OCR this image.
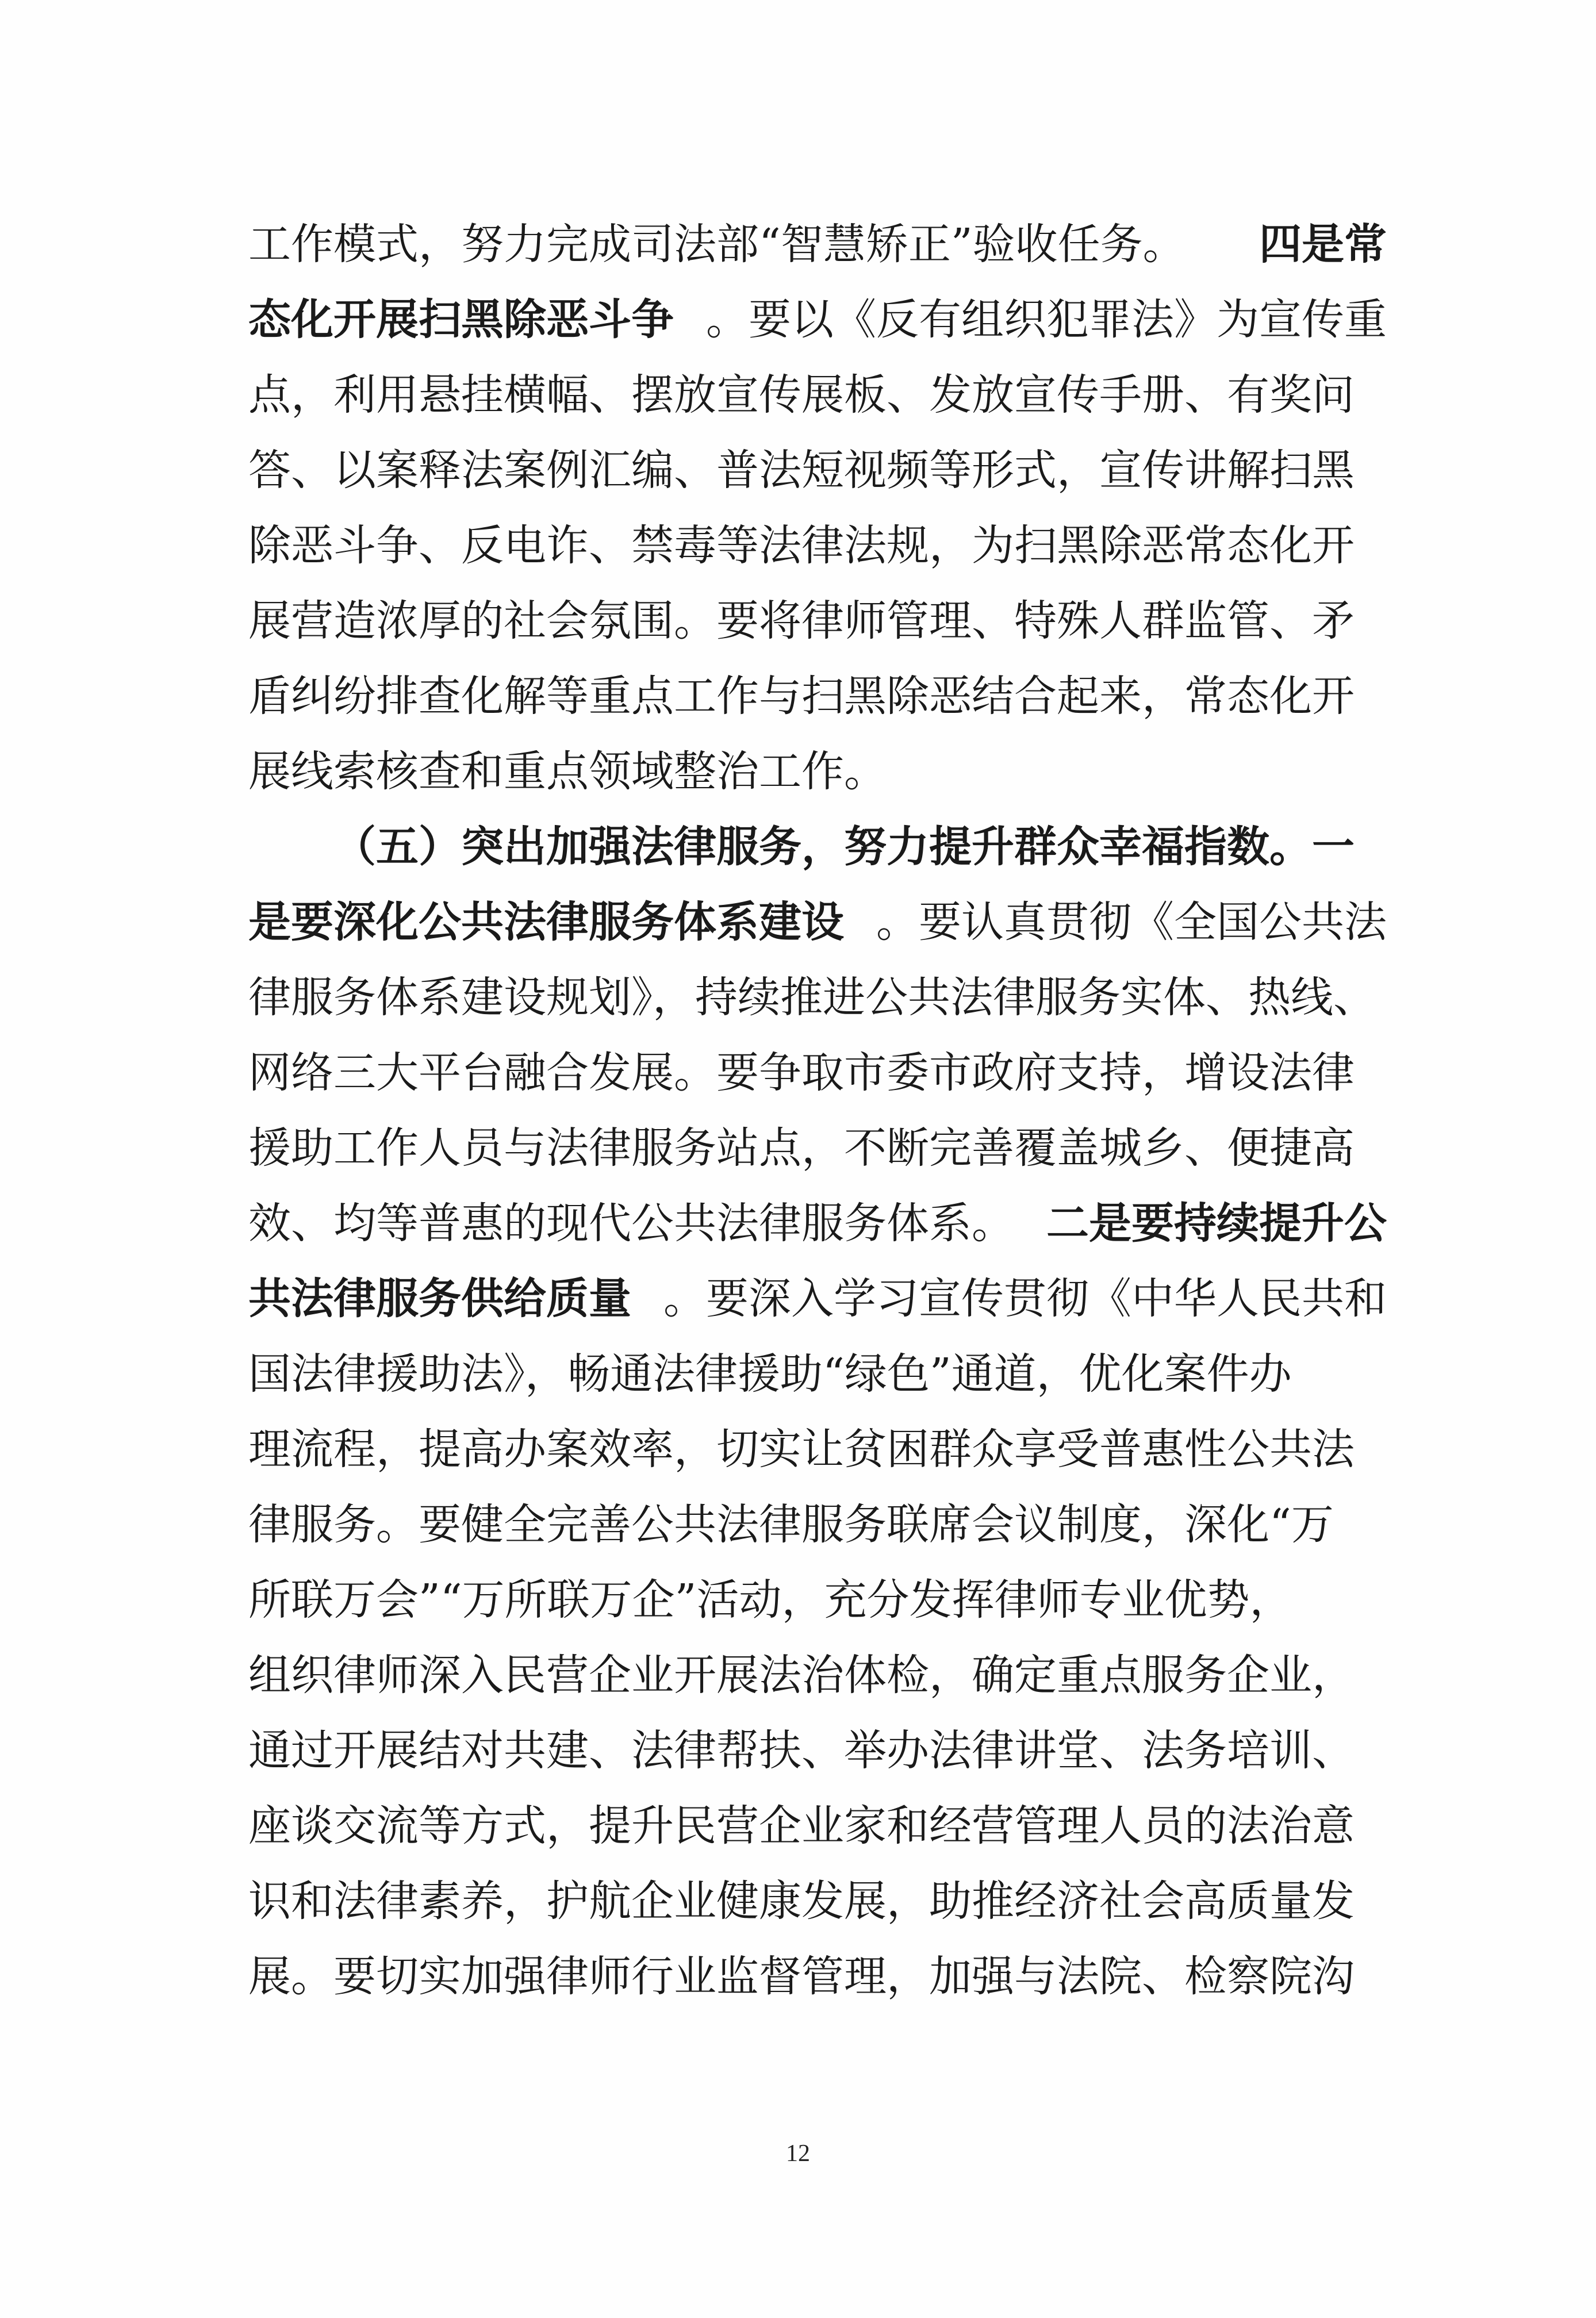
工作模式，努力完成司法部“智慧矫正”验收任务。 四是常
态化开展扫黑除恶斗争 。要以《反有组织犯罪法》为宣传重
点，利用悬挂横幅、摆放宣传展板、发放宣传手册、有奖问
答、以案释法案例汇编、普法短视频等形式，宣传讲解扫黑
除恶斗争、反电诈、禁毒等法律法规，为扫黑除恶常态化开
展营造浓厚的社会氛围。要将律师管理、特殊人群监管、矛
盾纠纷排查化解等重点工作与扫黑除恶结合起来，常态化开
展线索核查和重点领域整治工作。
（五）突出加强法律服务，努力提升群众幸福指数。一
是要深化公共法律服务体系建设 。要认真贯彻《全国公共法
律服务体系建设规划》，持续推进公共法律服务实体、热线、
网络三大平台融合发展。要争取市委市政府支持，增设法律
援助工作人员与法律服务站点，不断完善覆盖城乡、便捷高
效、均等普惠的现代公共法律服务体系。 二是要持续提升公
共法律服务供给质量 。要深入学习宣传贯彻《中华人民共和
国法律援助法》，畅通法律援助“绿色”通道，优化案件办
理流程，提高办案效率，切实让贫困群众享受普惠性公共法
律服务。要健全完善公共法律服务联席会议制度，深化“万
所联万会”“万所联万企”活动，充分发挥律师专业优势，
组织律师深入民营企业开展法治体检，确定重点服务企业，
通过开展结对共建、法律帮扶、举办法律讲堂、法务培训、
座谈交流等方式，提升民营企业家和经营管理人员的法治意
识和法律素养，护航企业健康发展，助推经济社会高质量发
展。要切实加强律师行业监督管理，加强与法院、检察院沟
12
